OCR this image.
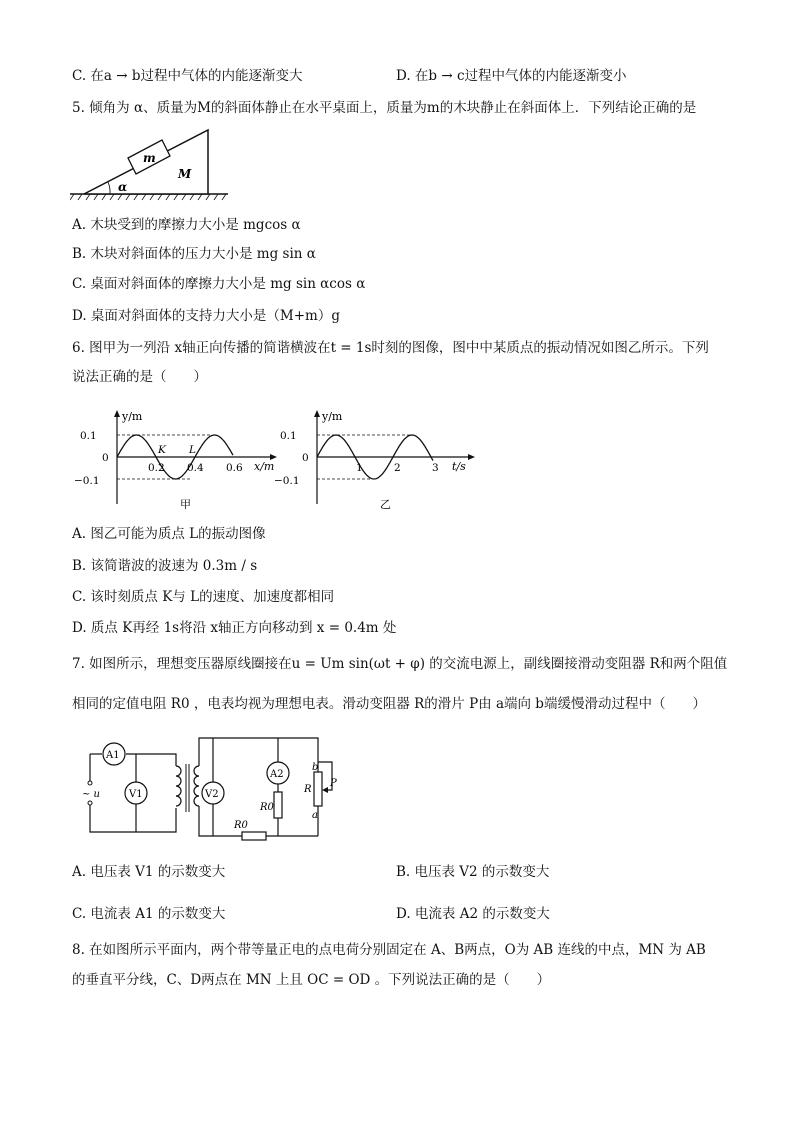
C. 在a → b过程中气体的内能逐渐变大	D. 在b → c过程中气体的内能逐渐变小
5. 倾角为 α、质量为M的斜面体静止在水平桌面上，质量为m的木块静止在斜面体上．下列结论正确的是
m
M
α
A. 木块受到的摩擦力大小是 mgcos α
B. 木块对斜面体的压力大小是 mg sin α
C. 桌面对斜面体的摩擦力大小是 mg sin αcos α
D. 桌面对斜面体的支持力大小是（M+m）g
6. 图甲为一列沿 x轴正向传播的简谐横波在t = 1s时刻的图像，图中中某质点的振动情况如图乙所示。下列
说法正确的是（　　）
y/m
x/m
0.1
0
−0.1
0.2 0.4 0.6
K L
甲
y/m
t/s
0.1
0
−0.1
1	2	3
乙
A. 图乙可能为质点 L的振动图像
B. 该简谐波的波速为 0.3m / s
C. 该时刻质点 K与 L的速度、加速度都相同
D. 质点 K再经 1s将沿 x轴正方向移动到 x = 0.4m 处
7. 如图所示，理想变压器原线圈接在u = Um sin(ωt + φ) 的交流电源上，副线圈接滑动变阻器 R和两个阻值
相同的定值电阻 R0 ，电表均视为理想电表。滑动变阻器 R的滑片 P由 a端向 b端缓慢滑动过程中（　　）
A1
~ u	V1	V2
R0
A2
R0
R
P
b
a
A. 电压表 V1 的示数变大	B. 电压表 V2 的示数变大
C. 电流表 A1 的示数变大	D. 电流表 A2 的示数变大
8. 在如图所示平面内，两个带等量正电的点电荷分别固定在 A、B两点，O为 AB 连线的中点，MN 为 AB
的垂直平分线，C、D两点在 MN 上且 OC = OD 。下列说法正确的是（　　）
